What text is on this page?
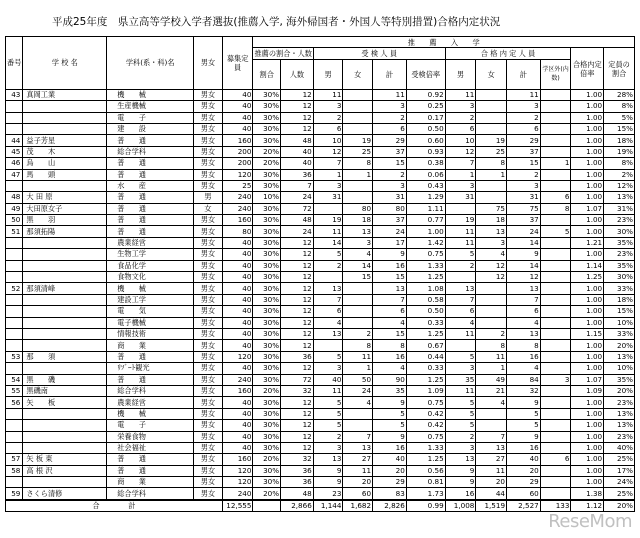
平成25年度　県立高等学校入学者選抜(推薦入学, 海外帰国者・外国人等特別措置)合格内定状況
番号	学 校 名	学科(系・科)名	男女	募集定員	推　　薦　　入　　学											
					推薦の割合・人数		受 検 人 員				合 格 内 定 人 員				合格内定倍率	定員の割合
					割合	人数	男	女	計	受検倍率	男	女	計	学区外(内数)		
43	真岡工業	機　　械	男女	40	30%	12	11		11	0.92	11		11		1.00	28%
		生産機械	男女	40	30%	12	3		3	0.25	3		3		1.00	8%
		電　　子	男女	40	30%	12	2		2	0.17	2		2		1.00	5%
		建　　設	男女	40	30%	12	6		6	0.50	6		6		1.00	15%
44	益子芳星	普　　通	男女	160	30%	48	10	19	29	0.60	10	19	29		1.00	18%
45	茂　　木	総合学科	男女	200	20%	40	12	25	37	0.93	12	25	37		1.00	19%
46	烏　　山	普　　通	男女	200	20%	40	7	8	15	0.38	7	8	15	1	1.00	8%
47	馬　　頭	普　　通	男女	120	30%	36	1	1	2	0.06	1	1	2		1.00	2%
		水　　産	男女	25	30%	7	3		3	0.43	3		3		1.00	12%
48	大 田 原	普　　通	男	240	10%	24	31		31	1.29	31		31	6	1.00	13%
49	大田原女子	普　　通	女	240	30%	72		80	80	1.11		75	75	8	1.07	31%
50	黒　　羽	普　　通	男女	160	30%	48	19	18	37	0.77	19	18	37		1.00	23%
51	那須拓陽	普　　通	男女	80	30%	24	11	13	24	1.00	11	13	24	5	1.00	30%
		農業経営	男女	40	30%	12	14	3	17	1.42	11	3	14		1.21	35%
		生物工学	男女	40	30%	12	5	4	9	0.75	5	4	9		1.00	23%
		食品化学	男女	40	30%	12	2	14	16	1.33	2	12	14		1.14	35%
		食物文化	男女	40	30%	12		15	15	1.25		12	12		1.25	30%
52	那須清峰	機　　械	男女	40	30%	12	13		13	1.08	13		13		1.00	33%
		建設工学	男女	40	30%	12	7		7	0.58	7		7		1.00	18%
		電　　気	男女	40	30%	12	6		6	0.50	6		6		1.00	15%
		電子機械	男女	40	30%	12	4		4	0.33	4		4		1.00	10%
		情報技術	男女	40	30%	12	13	2	15	1.25	11	2	13		1.15	33%
		商　　業	男女	40	30%	12		8	8	0.67		8	8		1.00	20%
53	那　　須	普　　通	男女	120	30%	36	5	11	16	0.44	5	11	16		1.00	13%
		ﾘｿﾞｰﾄ観光	男女	40	30%	12	3	1	4	0.33	3	1	4		1.00	10%
54	黒　　磯	普　　通	男女	240	30%	72	40	50	90	1.25	35	49	84	3	1.07	35%
55	黒磯南	総合学科	男女	160	20%	32	11	24	35	1.09	11	21	32		1.09	20%
56	矢　　板	農業経営	男女	40	30%	12	5	4	9	0.75	5	4	9		1.00	23%
		機　　械	男女	40	30%	12	5		5	0.42	5		5		1.00	13%
		電　　子	男女	40	30%	12	5		5	0.42	5		5		1.00	13%
		栄養食物	男女	40	30%	12	2	7	9	0.75	2	7	9		1.00	23%
		社会福祉	男女	40	30%	12	3	13	16	1.33	3	13	16		1.00	40%
57	矢 板 東	普　　通	男女	160	20%	32	13	27	40	1.25	13	27	40	6	1.00	25%
58	高 根 沢	普　　通	男女	120	30%	36	9	11	20	0.56	9	11	20		1.00	17%
		商　　業	男女	120	30%	36	9	20	29	0.81	9	20	29		1.00	24%
59	さくら清修	総合学科	男女	240	20%	48	23	60	83	1.73	16	44	60		1.38	25%
合　　　　計				12,555		2,866	1,144	1,682	2,826	0.99	1,008	1,519	2,527	133	1.12	20%
ReseMom
